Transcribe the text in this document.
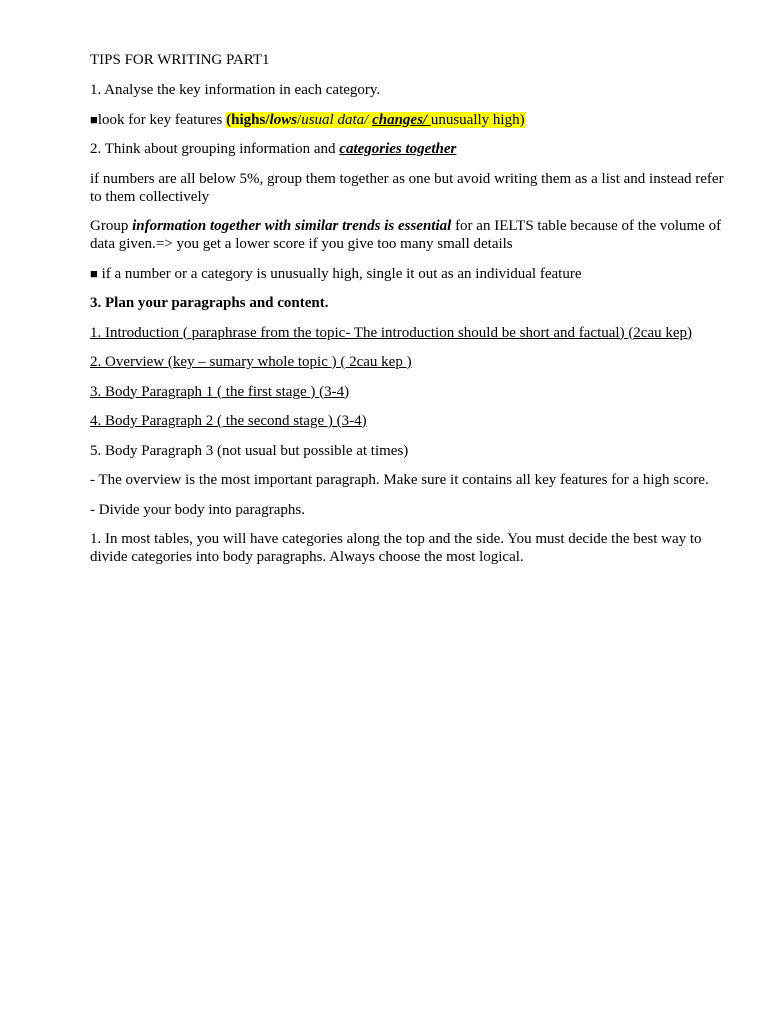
TIPS FOR WRITING PART1
1. Analyse the key information in each category.
■look for key features (highs/lows/usual data/ changes/ unusually high)
2. Think about grouping information and categories together
if numbers are all below 5%, group them together as one but avoid writing them as a list and instead refer to them collectively
Group information together with similar trends is essential for an IELTS table because of the volume of data given.=> you get a lower score if you give too many small details
■ if a number or a category is unusually high, single it out as an individual feature
3. Plan your paragraphs and content.
1. Introduction ( paraphrase from the topic- The introduction should be short and factual) (2cau kep)
2. Overview (key – sumary whole topic ) ( 2cau kep )
3. Body Paragraph 1 ( the first stage ) (3-4)
4. Body Paragraph 2 ( the second stage ) (3-4)
5. Body Paragraph 3 (not usual but possible at times)
- The overview is the most important paragraph. Make sure it contains all key features for a high score.
- Divide your body into paragraphs.
1. In most tables, you will have categories along the top and the side. You must decide the best way to divide categories into body paragraphs. Always choose the most logical.
